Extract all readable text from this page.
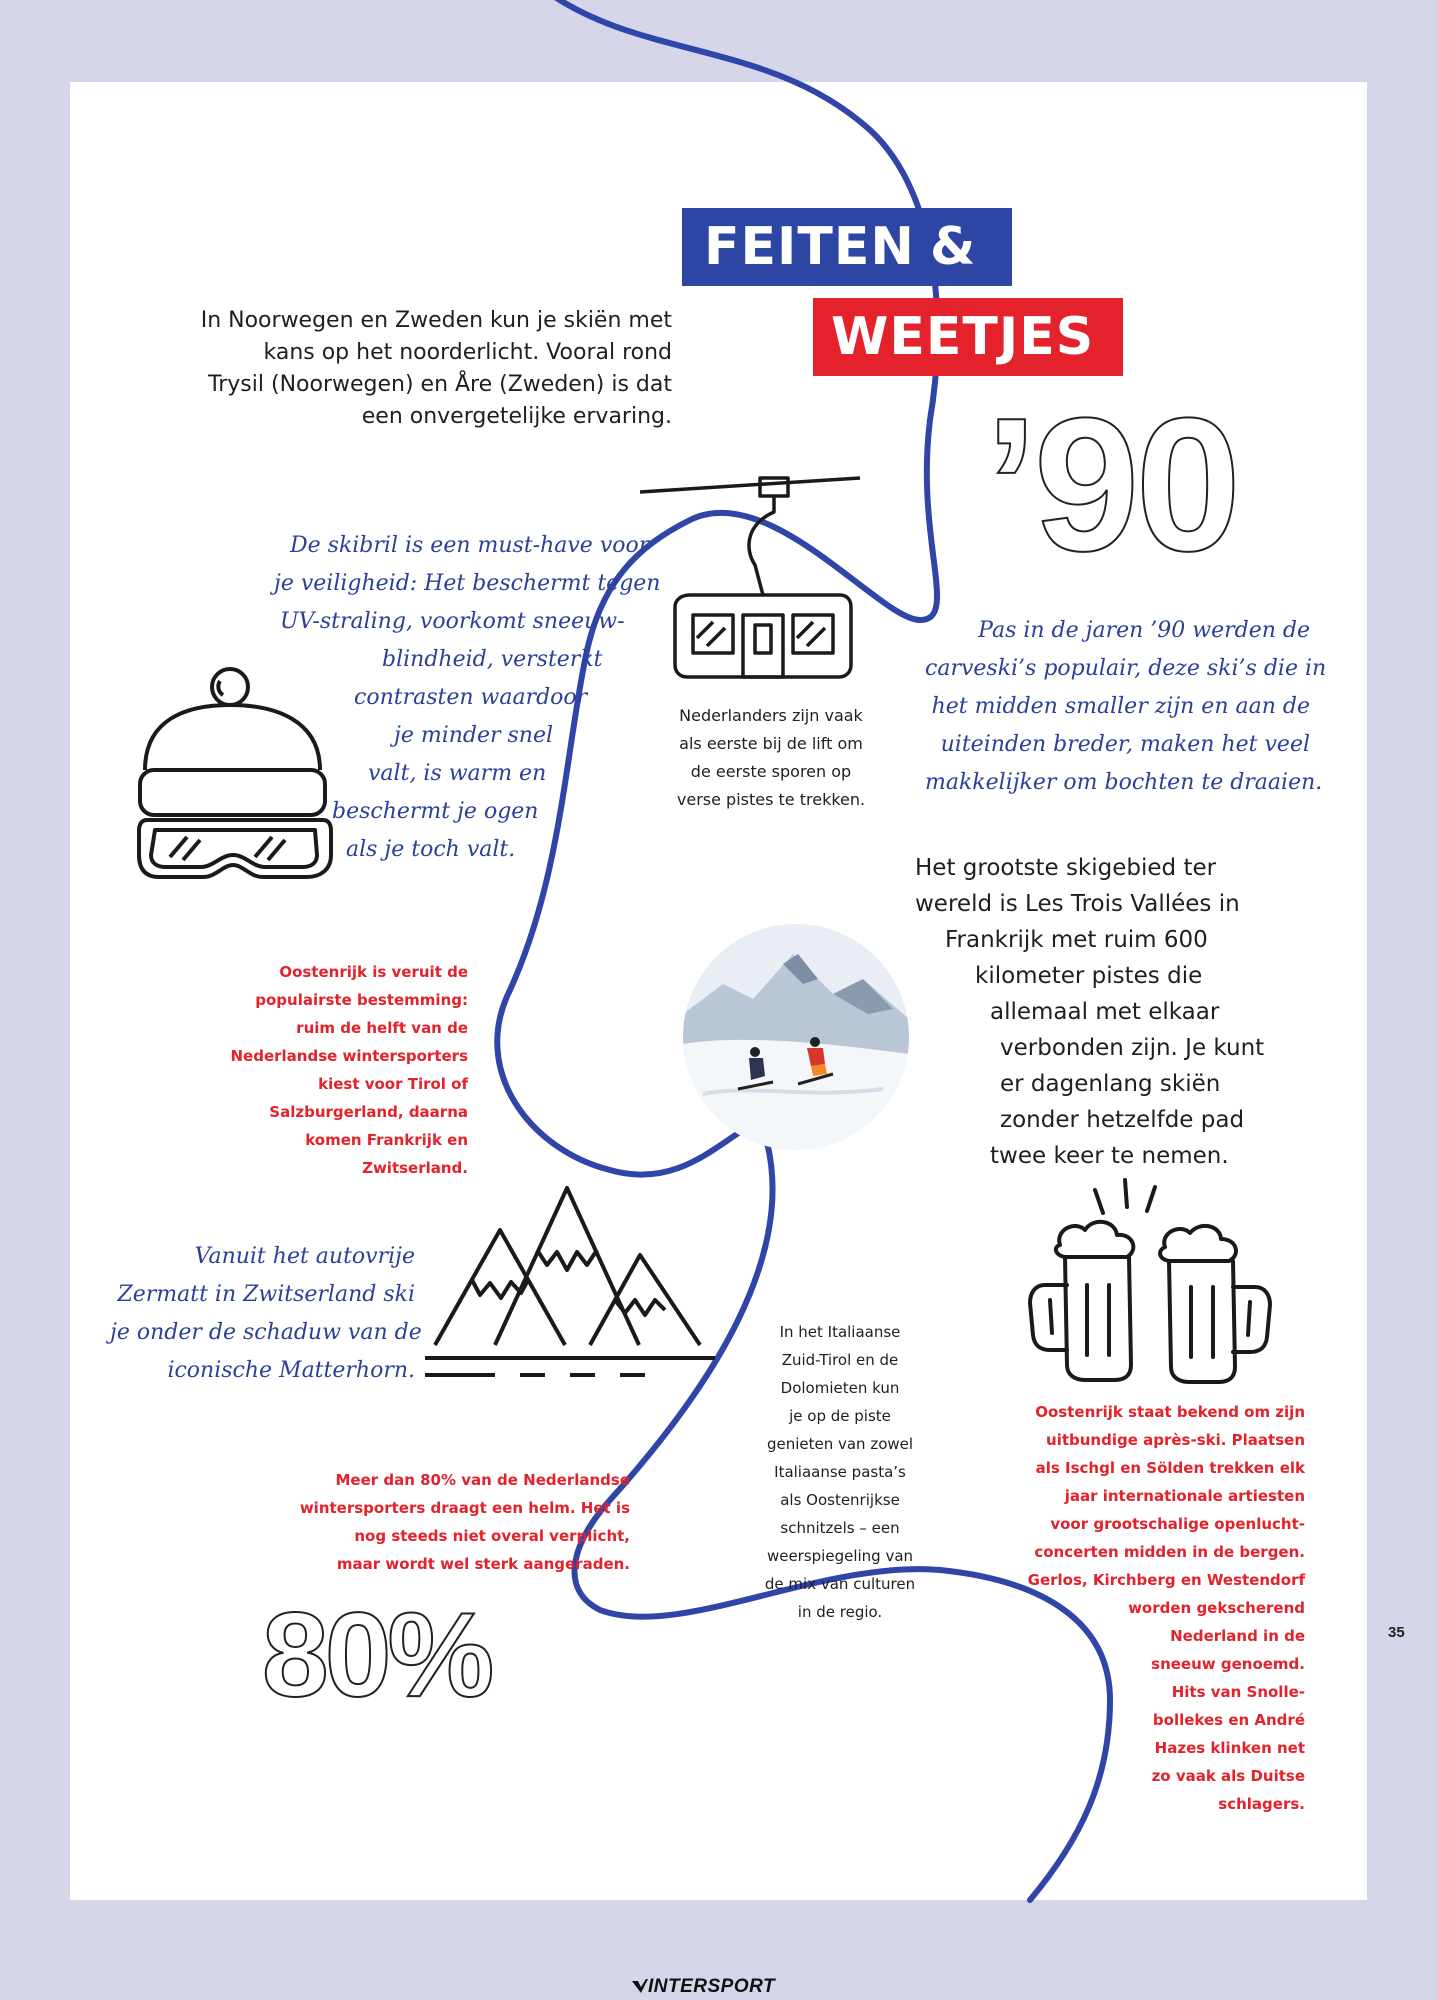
FEITEN &
WEETJES
’90
80%
In Noorwegen en Zweden kun je skiën met
kans op het noorderlicht. Vooral rond
Trysil (Noorwegen) en Åre (Zweden) is dat
een onvergetelijke ervaring.
De skibril is een must-have voor
je veiligheid: Het beschermt tegen
UV-straling, voorkomt sneeuw-
blindheid, versterkt
contrasten waardoor
je minder snel
valt, is warm en
beschermt je ogen
als je toch valt.
Nederlanders zijn vaak
als eerste bij de lift om
de eerste sporen op
verse pistes te trekken.
Pas in de jaren ’90 werden de
carveski’s populair, deze ski’s die in
het midden smaller zijn en aan de
uiteinden breder, maken het veel
makkelijker om bochten te draaien.
Het grootste skigebied ter
wereld is Les Trois Vallées in
Frankrijk met ruim 600
kilometer pistes die
allemaal met elkaar
verbonden zijn. Je kunt
er dagenlang skiën
zonder hetzelfde pad
twee keer te nemen.
Oostenrijk is veruit de
populairste bestemming:
ruim de helft van de
Nederlandse wintersporters
kiest voor Tirol of
Salzburgerland, daarna
komen Frankrijk en
Zwitserland.
Vanuit het autovrije
Zermatt in Zwitserland ski
je onder de schaduw van de
iconische Matterhorn.
Meer dan 80% van de Nederlandse
wintersporters draagt een helm. Het is
nog steeds niet overal verplicht,
maar wordt wel sterk aangeraden.
In het Italiaanse
Zuid-Tirol en de
Dolomieten kun
je op de piste
genieten van zowel
Italiaanse pasta’s
als Oostenrijkse
schnitzels – een
weerspiegeling van
de mix van culturen
in de regio.
Oostenrijk staat bekend om zijn
uitbundige après-ski. Plaatsen
als Ischgl en Sölden trekken elk
jaar internationale artiesten
voor grootschalige openlucht-
concerten midden in de bergen.
Gerlos, Kirchberg en Westendorf
worden gekscherend
Nederland in de
sneeuw genoemd.
Hits van Snolle-
bollekes en André
Hazes klinken net
zo vaak als Duitse
schlagers.
35
INTERSPORT
